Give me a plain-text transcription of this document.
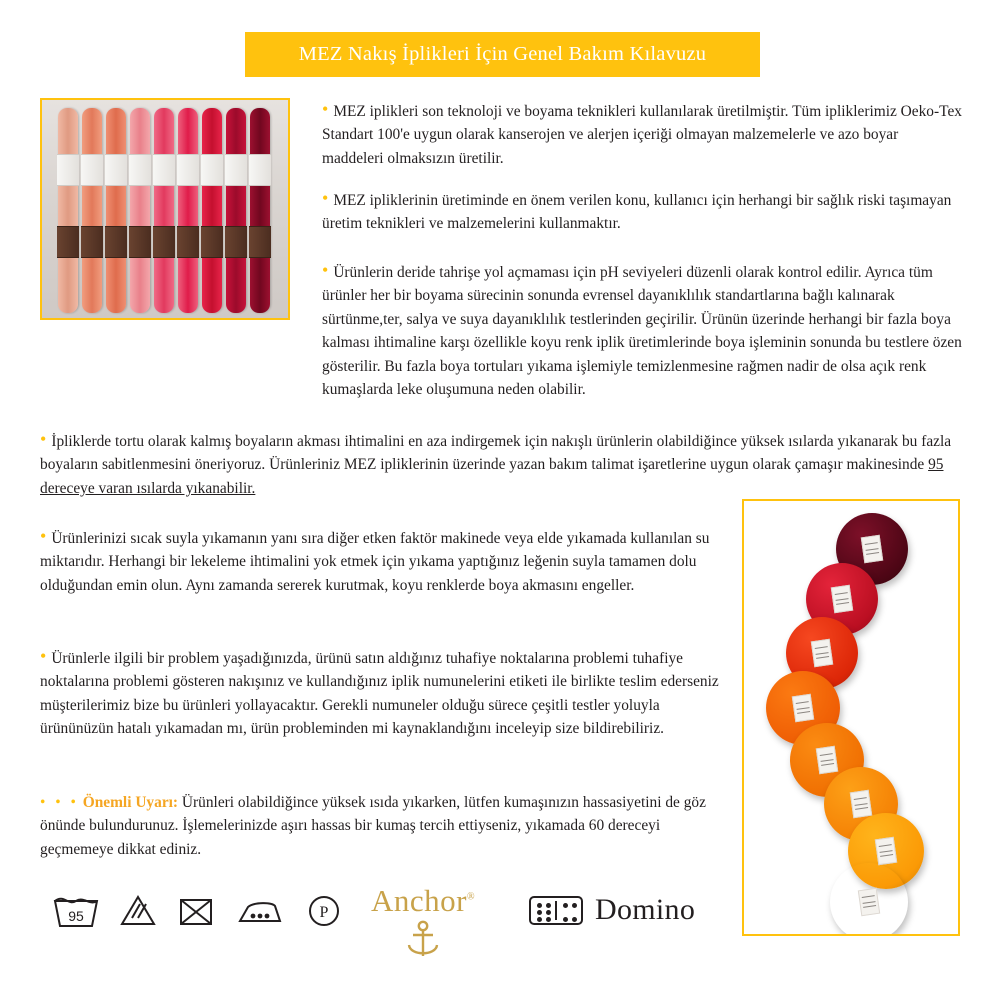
MEZ Nakış İplikleri İçin Genel Bakım Kılavuzu
• MEZ iplikleri son teknoloji ve boyama teknikleri kullanılarak üretilmiştir. Tüm ipliklerimiz Oeko-Tex Standart 100'e uygun olarak kanserojen ve alerjen içeriği olmayan malzemelerle ve azo boyar maddeleri olmaksızın üretilir.
• MEZ ipliklerinin üretiminde en önem verilen konu, kullanıcı için herhangi bir sağlık riski taşımayan üretim teknikleri ve malzemelerini kullanmaktır.
• Ürünlerin deride tahrişe yol açmaması için pH seviyeleri düzenli olarak kontrol edilir. Ayrıca tüm ürünler her bir boyama sürecinin sonunda evrensel dayanıklılık standartlarına bağlı kalınarak sürtünme,ter, salya ve suya dayanıklılık testlerinden geçirilir. Ürünün üzerinde herhangi bir fazla boya kalması ihtimaline karşı özellikle koyu renk iplik üretimlerinde boya işleminin sonunda bu testlere özen gösterilir. Bu fazla boya tortuları yıkama işlemiyle temizlenmesine rağmen nadir de olsa açık renk kumaşlarda leke oluşumuna neden olabilir.
• İpliklerde tortu olarak kalmış boyaların akması ihtimalini en aza indirgemek için nakışlı ürünlerin olabildiğince yüksek ısılarda yıkanarak bu fazla boyaların sabitlenmesini öneriyoruz. Ürünleriniz MEZ ipliklerinin üzerinde yazan bakım talimat işaretlerine uygun olarak çamaşır makinesinde 95 dereceye varan ısılarda yıkanabilir.
• Ürünlerinizi sıcak suyla yıkamanın yanı sıra diğer etken faktör makinede veya elde yıkamada kullanılan su miktarıdır. Herhangi bir lekeleme ihtimalini yok etmek için yıkama yaptığınız leğenin suyla tamamen dolu olduğundan emin olun. Aynı zamanda sererek kurutmak, koyu renklerde boya akmasını engeller.
• Ürünlerle ilgili bir problem yaşadığınızda, ürünü satın aldığınız tuhafiye noktalarına problemi tuhafiye noktalarına problemi gösteren nakışınız ve kullandığınız iplik numunelerini etiketi ile birlikte teslim ederseniz müşterilerimiz bize bu ürünleri yollayacaktır. Gerekli numuneler olduğu sürece çeşitli testler yoluyla ürününüzün hatalı yıkamadan mı, ürün probleminden mi kaynaklandığını inceleyip size bildirebiliriz.
• • • Önemli Uyarı: Ürünleri olabildiğince yüksek ısıda yıkarken, lütfen kumaşınızın hassasiyetini de göz önünde bulundurunuz. İşlemelerinizde aşırı hassas bir kumaş tercih ettiyseniz, yıkamada 60 dereceyi geçmemeye dikkat ediniz.
95	P	Anchor®	Domino
